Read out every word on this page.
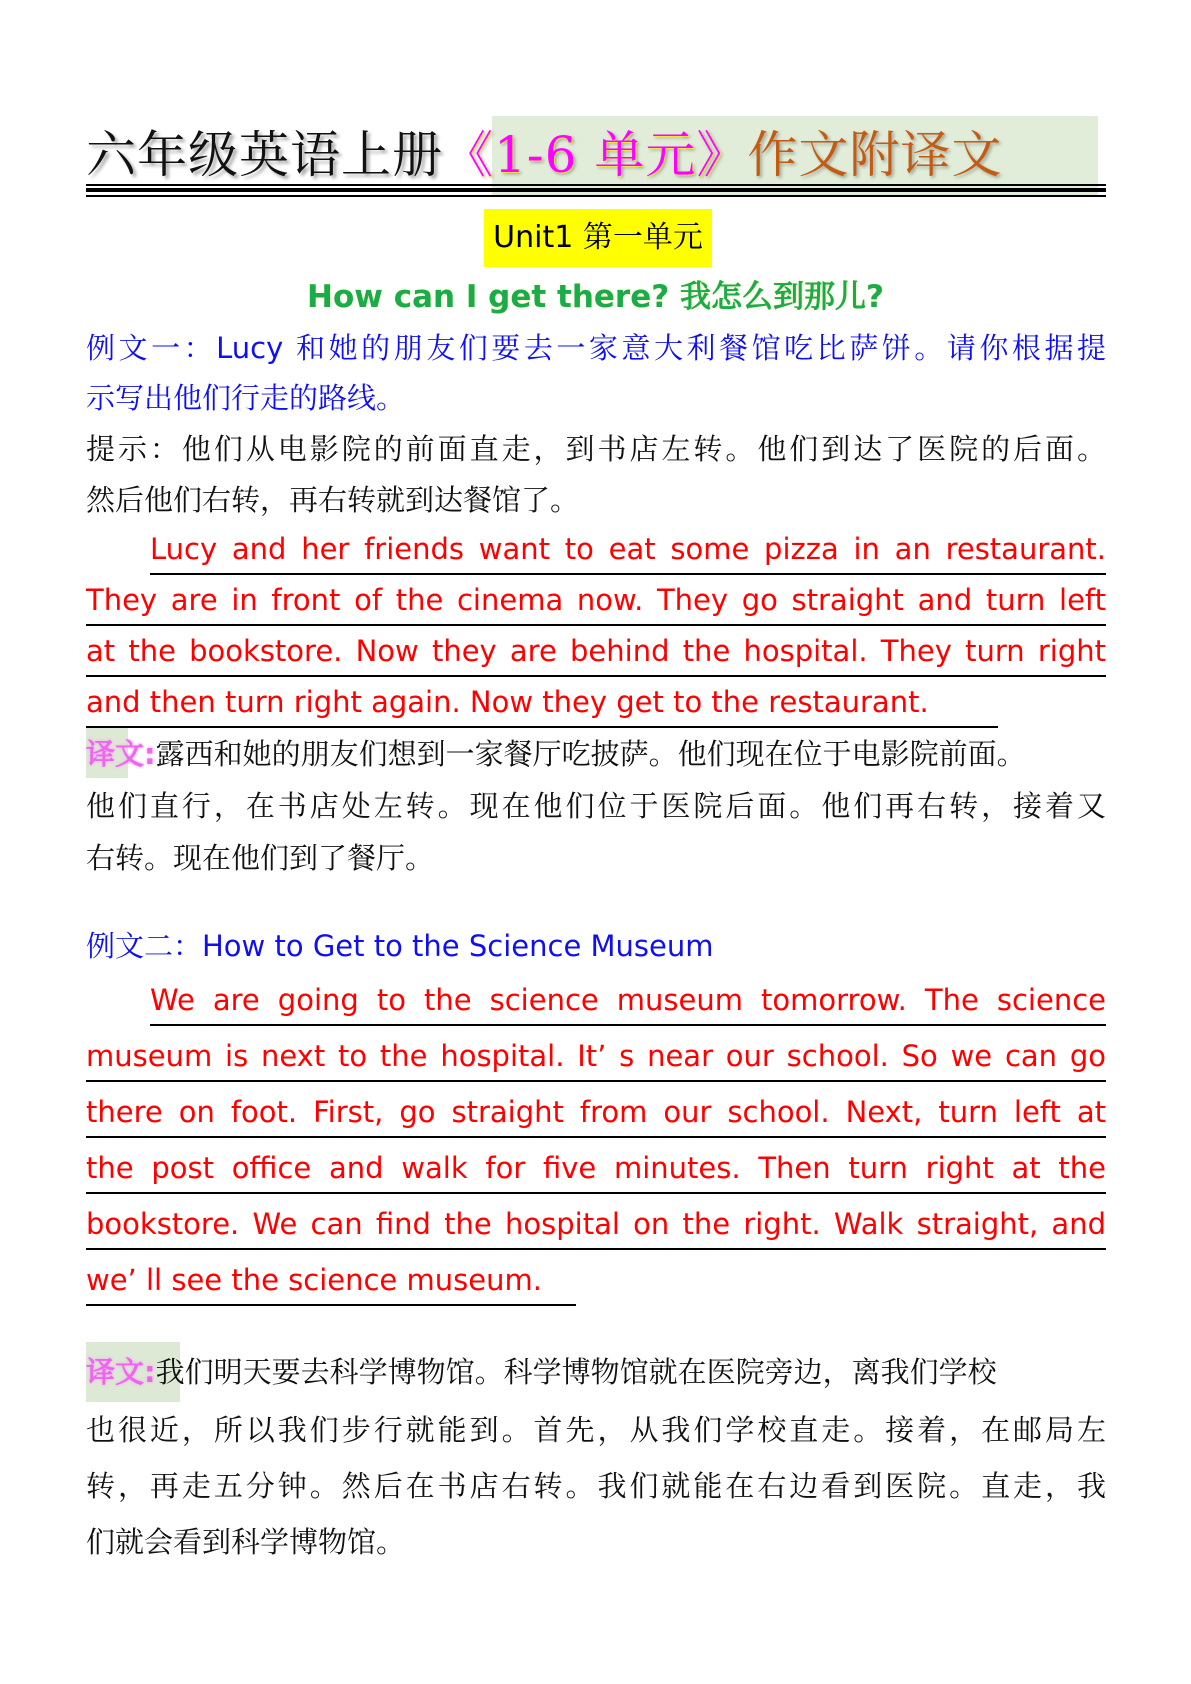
六年级英语上册《1-6 单元》作文附译文
Unit1 第一单元
How can I get there? 我怎么到那儿?
例文一：Lucy 和她的朋友们要去一家意大利餐馆吃比萨饼。请你根据提
示写出他们行走的路线。
提示：他们从电影院的前面直走，到书店左转。他们到达了医院的后面。
然后他们右转，再右转就到达餐馆了。
Lucy and her friends want to eat some pizza in an restaurant.
They are in front of the cinema now. They go straight and turn left
at the bookstore. Now they are behind the hospital. They turn right
and then turn right again. Now they get to the restaurant.
译文:露西和她的朋友们想到一家餐厅吃披萨。他们现在位于电影院前面。
他们直行，在书店处左转。现在他们位于医院后面。他们再右转，接着又
右转。现在他们到了餐厅。
例文二：How to Get to the Science Museum
We are going to the science museum tomorrow. The science
museum is next to the hospital. It’ s near our school. So we can go
there on foot. First, go straight from our school. Next, turn left at
the post office and walk for five minutes. Then turn right at the
bookstore. We can find the hospital on the right. Walk straight, and
we’ ll see the science museum.
译文:我们明天要去科学博物馆。科学博物馆就在医院旁边，离我们学校
也很近，所以我们步行就能到。首先，从我们学校直走。接着，在邮局左
转，再走五分钟。然后在书店右转。我们就能在右边看到医院。直走，我
们就会看到科学博物馆。
